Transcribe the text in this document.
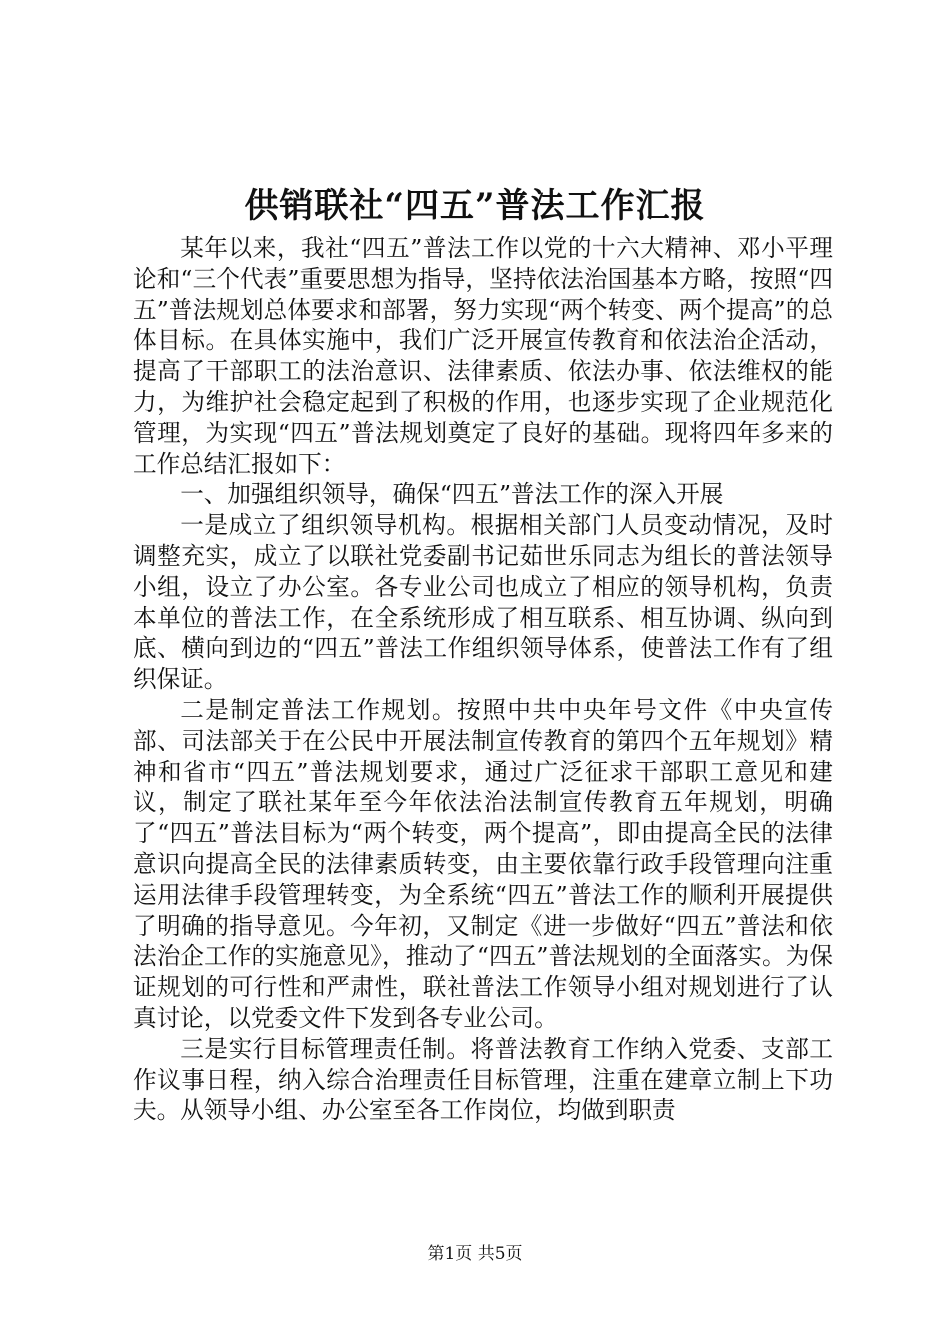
供销联社“四五”普法工作汇报

某年以来，我社“四五”普法工作以党的十六大精神、邓小平理论和“三个代表”重要思想为指导，坚持依法治国基本方略，按照“四五”普法规划总体要求和部署，努力实现“两个转变、两个提高”的总体目标。在具体实施中，我们广泛开展宣传教育和依法治企活动，提高了干部职工的法治意识、法律素质、依法办事、依法维权的能力，为维护社会稳定起到了积极的作用，也逐步实现了企业规范化管理，为实现“四五”普法规划奠定了良好的基础。现将四年多来的工作总结汇报如下：

一、加强组织领导，确保“四五”普法工作的深入开展

一是成立了组织领导机构。根据相关部门人员变动情况，及时调整充实，成立了以联社党委副书记茹世乐同志为组长的普法领导小组，设立了办公室。各专业公司也成立了相应的领导机构，负责本单位的普法工作，在全系统形成了相互联系、相互协调、纵向到底、横向到边的“四五”普法工作组织领导体系，使普法工作有了组织保证。

二是制定普法工作规划。按照中共中央年号文件《中央宣传部、司法部关于在公民中开展法制宣传教育的第四个五年规划》精神和省市“四五”普法规划要求，通过广泛征求干部职工意见和建议，制定了联社某年至今年依法治法制宣传教育五年规划，明确了“四五”普法目标为“两个转变，两个提高”，即由提高全民的法律意识向提高全民的法律素质转变，由主要依靠行政手段管理向注重运用法律手段管理转变，为全系统“四五”普法工作的顺利开展提供了明确的指导意见。今年初，又制定《进一步做好“四五”普法和依法治企工作的实施意见》，推动了“四五”普法规划的全面落实。为保证规划的可行性和严肃性，联社普法工作领导小组对规划进行了认真讨论，以党委文件下发到各专业公司。

三是实行目标管理责任制。将普法教育工作纳入党委、支部工作议事日程，纳入综合治理责任目标管理，注重在建章立制上下功夫。从领导小组、办公室至各工作岗位，均做到职责

第1页 共5页
